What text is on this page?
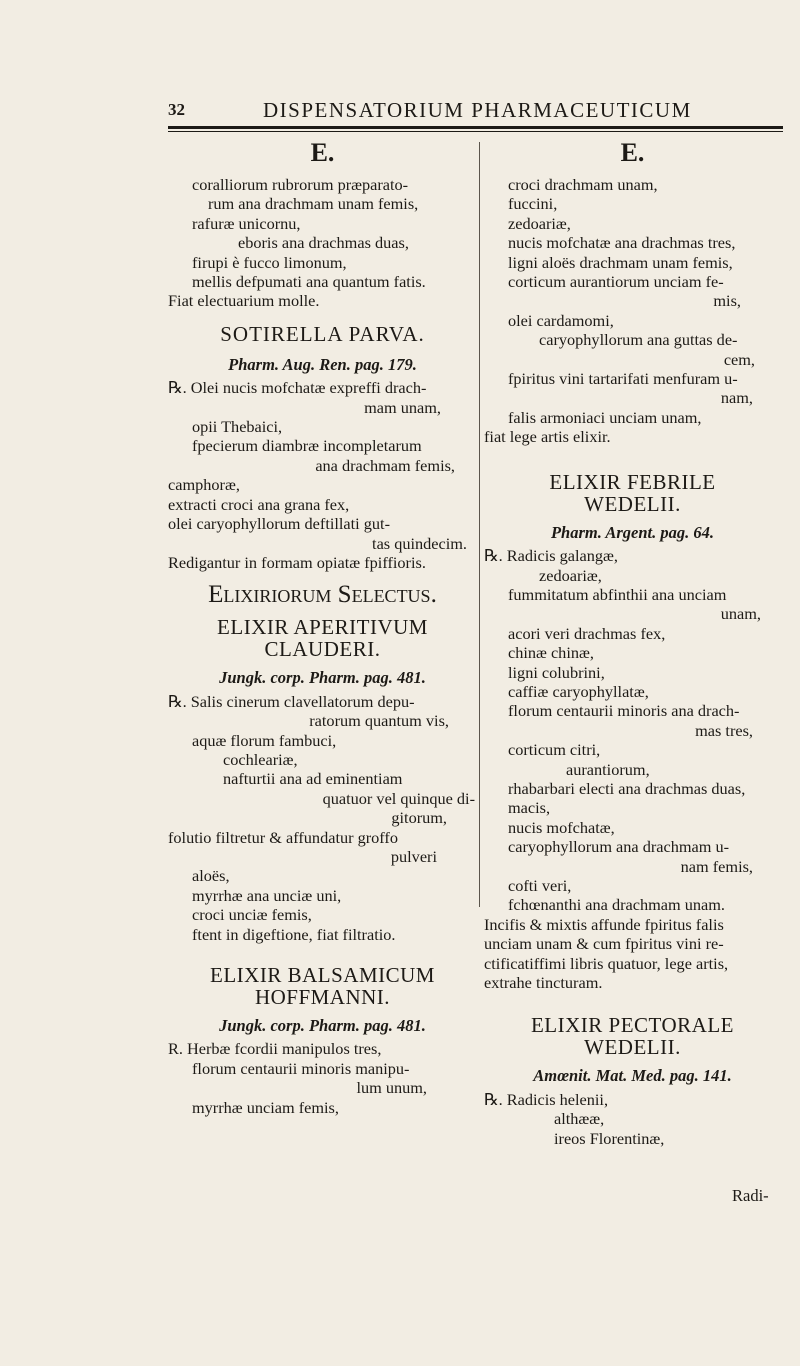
32	DISPENSATORIUM PHARMACEUTICUM
E.
coralliorum rubrorum præparato-
rum ana drachmam unam femis,
rafuræ unicornu,
eboris ana drachmas duas,
firupi è fucco limonum,
mellis defpumati ana quantum fatis.
Fiat electuarium molle.
SOTIRELLA PARVA.
Pharm. Aug. Ren. pag. 179.
℞. Olei nucis mofchatæ expreffi drach-
mam unam,
opii Thebaici,
fpecierum diambræ incompletarum
ana drachmam femis,
camphoræ,
extracti croci ana grana fex,
olei caryophyllorum deftillati gut-
tas quindecim.
Redigantur in formam opiatæ fpiffioris.
Elixiriorum Selectus.
ELIXIR APERITIVUM
CLAUDERI.
Jungk. corp. Pharm. pag. 481.
℞. Salis cinerum clavellatorum depu-
ratorum quantum vis,
aquæ florum fambuci,
cochleariæ,
nafturtii ana ad eminentiam
quatuor vel quinque di-
gitorum,
folutio filtretur & affundatur groffo
pulveri
aloës,
myrrhæ ana unciæ uni,
croci unciæ femis,
ftent in digeftione, fiat filtratio.
ELIXIR BALSAMICUM
HOFFMANNI.
Jungk. corp. Pharm. pag. 481.
R. Herbæ fcordii manipulos tres,
florum centaurii minoris manipu-
lum unum,
myrrhæ unciam femis,
E.
croci drachmam unam,
fuccini,
zedoariæ,
nucis mofchatæ ana drachmas tres,
ligni aloës drachmam unam femis,
corticum aurantiorum unciam fe-
mis,
olei cardamomi,
caryophyllorum ana guttas de-
cem,
fpiritus vini tartarifati menfuram u-
nam,
falis armoniaci unciam unam,
fiat lege artis elixir.
ELIXIR FEBRILE
WEDELII.
Pharm. Argent. pag. 64.
℞. Radicis galangæ,
zedoariæ,
fummitatum abfinthii ana unciam
unam,
acori veri drachmas fex,
chinæ chinæ,
ligni colubrini,
caffiæ caryophyllatæ,
florum centaurii minoris ana drach-
mas tres,
corticum citri,
aurantiorum,
rhabarbari electi ana drachmas duas,
macis,
nucis mofchatæ,
caryophyllorum ana drachmam u-
nam femis,
cofti veri,
fchœnanthi ana drachmam unam.
Incifis & mixtis affunde fpiritus falis
unciam unam & cum fpiritus vini re-
ctificatiffimi libris quatuor, lege artis,
extrahe tincturam.
ELIXIR PECTORALE
WEDELII.
Amœnit. Mat. Med. pag. 141.
℞. Radicis helenii,
althææ,
ireos Florentinæ,
Radi-
